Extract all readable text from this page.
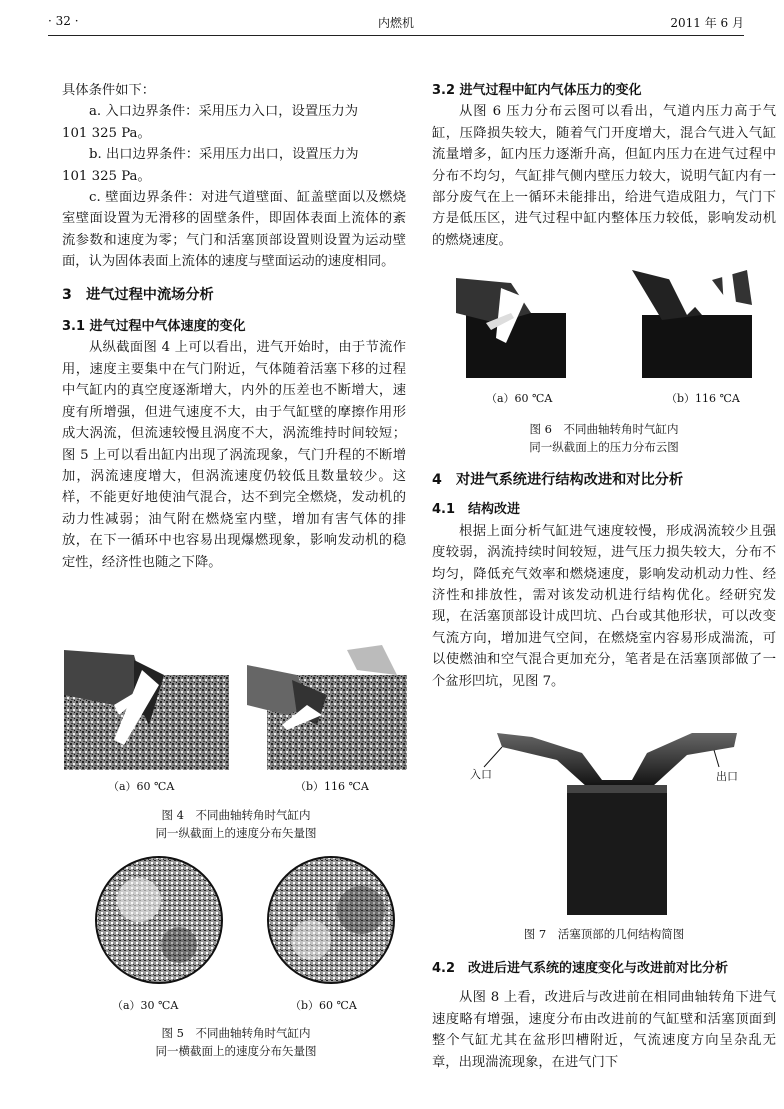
· 32 ·	内燃机	2011 年 6 月

具体条件如下：

a. 入口边界条件：采用压力入口，设置压力为

101 325 Pa。

b. 出口边界条件：采用压力出口，设置压力为

101 325 Pa。

c. 壁面边界条件：对进气道壁面、缸盖壁面以及燃烧室壁面设置为无滑移的固壁条件，即固体表面上流体的紊流参数和速度为零；气门和活塞顶部设置则设置为运动壁面，认为固体表面上流体的速度与壁面运动的速度相同。

3　进气过程中流场分析

3.1 进气过程中气体速度的变化

从纵截面图 4 上可以看出，进气开始时，由于节流作用，速度主要集中在气门附近，气体随着活塞下移的过程中气缸内的真空度逐渐增大，内外的压差也不断增大，速度有所增强，但进气速度不大，由于气缸壁的摩擦作用形成大涡流，但流速较慢且涡度不大，涡流维持时间较短；图 5 上可以看出缸内出现了涡流现象，气门升程的不断增加，涡流速度增大，但涡流速度仍较低且数量较少。这样，不能更好地使油气混合，达不到完全燃烧，发动机的动力性减弱；油气附在燃烧室内壁，增加有害气体的排放，在下一循环中也容易出现爆燃现象，影响发动机的稳定性，经济性也随之下降。

（a）60 ℃A	（b）116 ℃A
图 4　不同曲轴转角时气缸内
同一纵截面上的速度分布矢量图
（a）30 ℃A	（b）60 ℃A
图 5　不同曲轴转角时气缸内
同一横截面上的速度分布矢量图

3.2 进气过程中缸内气体压力的变化

从图 6 压力分布云图可以看出，气道内压力高于气缸，压降损失较大，随着气门开度增大，混合气进入气缸流量增多，缸内压力逐渐升高，但缸内压力在进气过程中分布不均匀，气缸排气侧内壁压力较大，说明气缸内有一部分废气在上一循环未能排出，给进气造成阻力，气门下方是低压区，进气过程中缸内整体压力较低，影响发动机的燃烧速度。

（a）60 ℃A	（b）116 ℃A
图 6　不同曲轴转角时气缸内
同一纵截面上的压力分布云图

4　对进气系统进行结构改进和对比分析

4.1　结构改进

根据上面分析气缸进气速度较慢，形成涡流较少且强度较弱，涡流持续时间较短，进气压力损失较大，分布不均匀，降低充气效率和燃烧速度，影响发动机动力性、经济性和排放性，需对该发动机进行结构优化。经研究发现，在活塞顶部设计成凹坑、凸台或其他形状，可以改变气流方向，增加进气空间，在燃烧室内容易形成湍流，可以使燃油和空气混合更加充分，笔者是在活塞顶部做了一个盆形凹坑，见图 7。

入口	出口
图 7　活塞顶部的几何结构简图

4.2　改进后进气系统的速度变化与改进前对比分析

从图 8 上看，改进后与改进前在相同曲轴转角下进气速度略有增强，速度分布由改进前的气缸壁和活塞顶面到整个气缸尤其在盆形凹槽附近，气流速度方向呈杂乱无章，出现湍流现象，在进气门下
